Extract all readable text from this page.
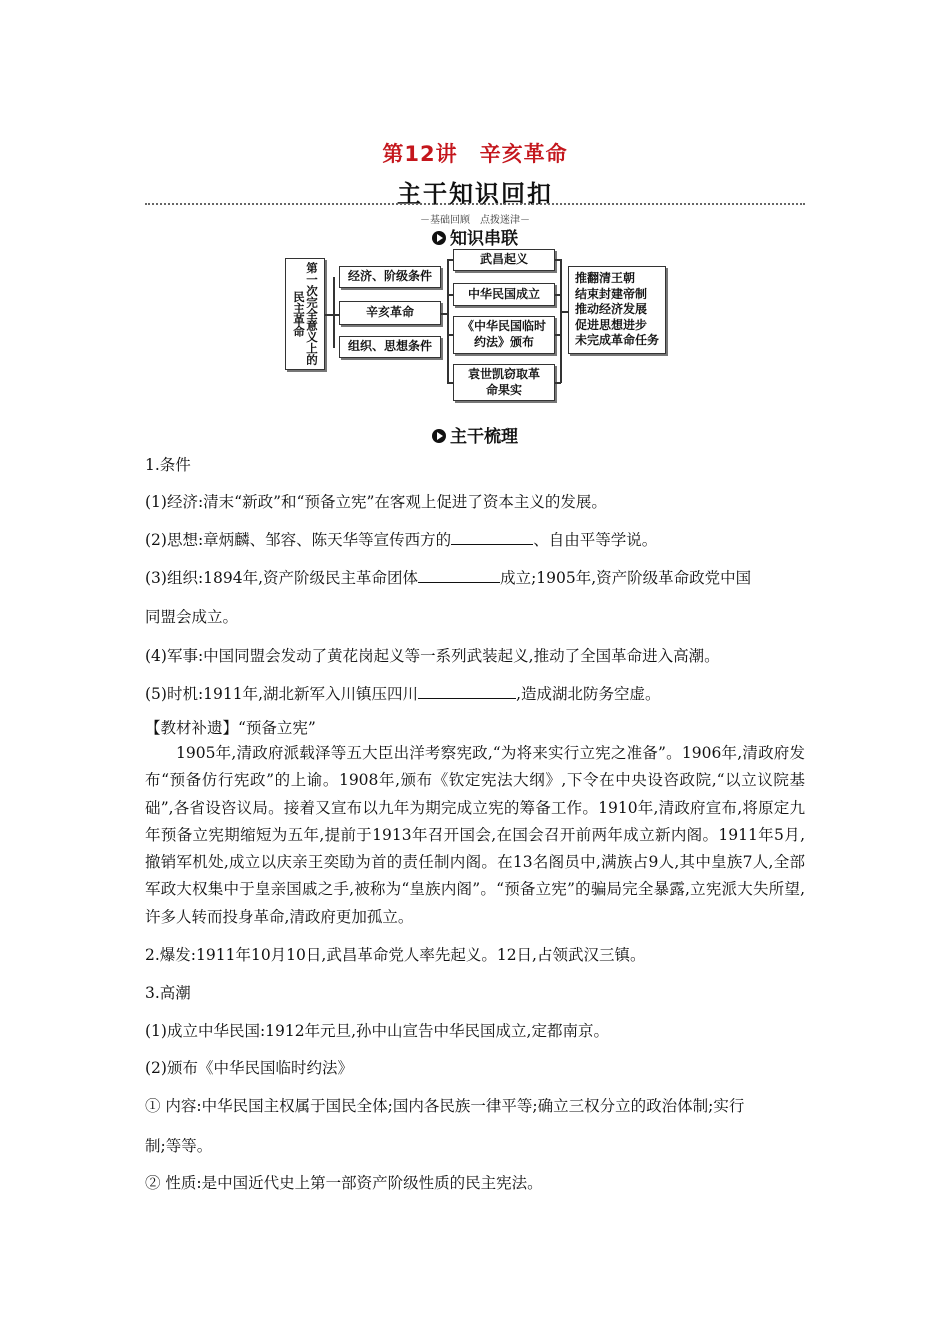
第12讲　辛亥革命
主干知识回扣
－基础回顾　点拨迷津－
知识串联
第一次完全意义上的民主革命
经济、阶级条件
辛亥革命
组织、思想条件
武昌起义
中华民国成立
《中华民国临时约法》颁布
袁世凯窃取革命果实
推翻清王朝
结束封建帝制
推动经济发展
促进思想进步
未完成革命任务
主干梳理
1.条件
(1)经济:清末“新政”和“预备立宪”在客观上促进了资本主义的发展。
(2)思想:章炳麟、邹容、陈天华等宣传西方的	、自由平等学说。
(3)组织:1894年,资产阶级民主革命团体	成立;1905年,资产阶级革命政党中国
同盟会成立。
(4)军事:中国同盟会发动了黄花岗起义等一系列武装起义,推动了全国革命进入高潮。
(5)时机:1911年,湖北新军入川镇压四川	,造成湖北防务空虚。
【教材补遗】“预备立宪”
1905年,清政府派载泽等五大臣出洋考察宪政,“为将来实行立宪之准备”。1906年,清政府发布“预备仿行宪政”的上谕。1908年,颁布《钦定宪法大纲》,下令在中央设咨政院,“以立议院基础”,各省设咨议局。接着又宣布以九年为期完成立宪的筹备工作。1910年,清政府宣布,将原定九年预备立宪期缩短为五年,提前于1913年召开国会,在国会召开前两年成立新内阁。1911年5月,撤销军机处,成立以庆亲王奕劻为首的责任制内阁。在13名阁员中,满族占9人,其中皇族7人,全部军政大权集中于皇亲国戚之手,被称为“皇族内阁”。“预备立宪”的骗局完全暴露,立宪派大失所望,许多人转而投身革命,清政府更加孤立。
2.爆发:1911年10月10日,武昌革命党人率先起义。12日,占领武汉三镇。
3.高潮
(1)成立中华民国:1912年元旦,孙中山宣告中华民国成立,定都南京。
(2)颁布《中华民国临时约法》
① 内容:中华民国主权属于国民全体;国内各民族一律平等;确立三权分立的政治体制;实行
制;等等。
② 性质:是中国近代史上第一部资产阶级性质的民主宪法。
